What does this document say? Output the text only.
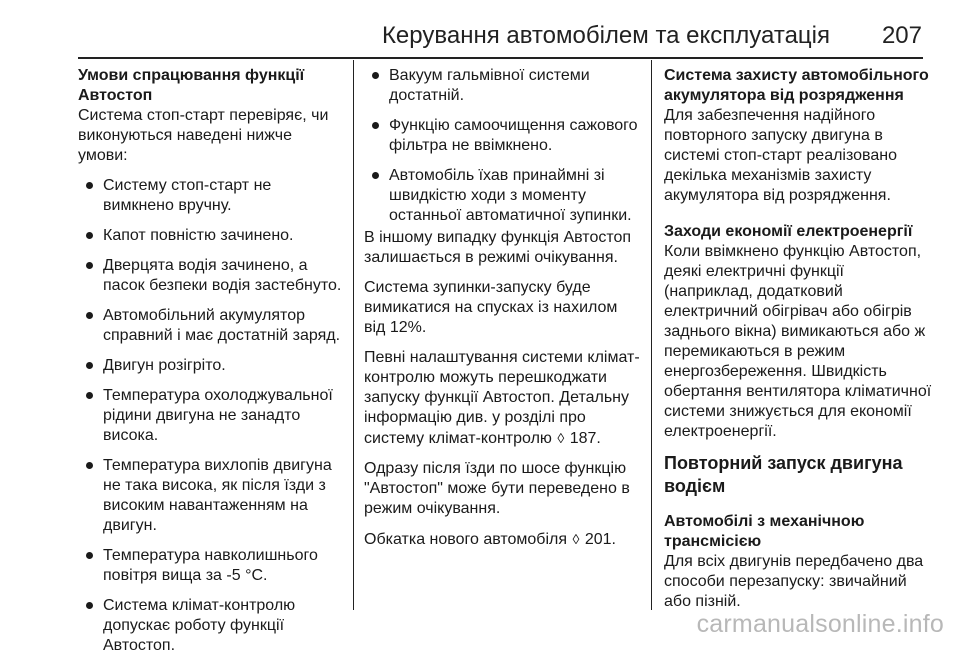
Керування автомобілем та експлуатація 207

Умови спрацювання функції Автостоп

Система стоп-старт перевіряє, чи виконуються наведені нижче умови:

Систему стоп-старт не вимкнено вручну.
Капот повністю зачинено.
Дверцята водія зачинено, а пасок безпеки водія застебнуто.
Автомобільний акумулятор справний і має достатній заряд.
Двигун розігріто.
Температура охолоджувальної рідини двигуна не занадто висока.
Температура вихлопів двигуна не така висока, як після їзди з високим навантаженням на двигун.
Температура навколишнього повітря вища за -5 °C.
Система клімат-контролю допускає роботу функції Автостоп.
Вакуум гальмівної системи достатній.
Функцію самоочищення сажового фільтра не ввімкнено.
Автомобіль їхав принаймні зі швидкістю ходи з моменту останньої автоматичної зупинки.

В іншому випадку функція Автостоп залишається в режимі очікування.

Система зупинки-запуску буде вимикатися на спусках із нахилом від 12%.

Певні налаштування системи клімат-контролю можуть перешкоджати запуску функції Автостоп. Детальну інформацію див. у розділі про систему клімат-контролю ◊ 187.

Одразу після їзди по шосе функцію "Автостоп" може бути переведено в режим очікування.

Обкатка нового автомобіля ◊ 201.

Система захисту автомобільного акумулятора від розрядження

Для забезпечення надійного повторного запуску двигуна в системі стоп-старт реалізовано декілька механізмів захисту акумулятора від розрядження.

Заходи економії електроенергії

Коли ввімкнено функцію Автостоп, деякі електричні функції (наприклад, додатковий електричний обігрівач або обігрів заднього вікна) вимикаються або ж перемикаються в режим енергозбереження. Швидкість обертання вентилятора кліматичної системи знижується для економії електроенергії.

Повторний запуск двигуна водієм

Автомобілі з механічною трансмісією

Для всіх двигунів передбачено два способи перезапуску: звичайний або пізній.

carmanualsonline.info
